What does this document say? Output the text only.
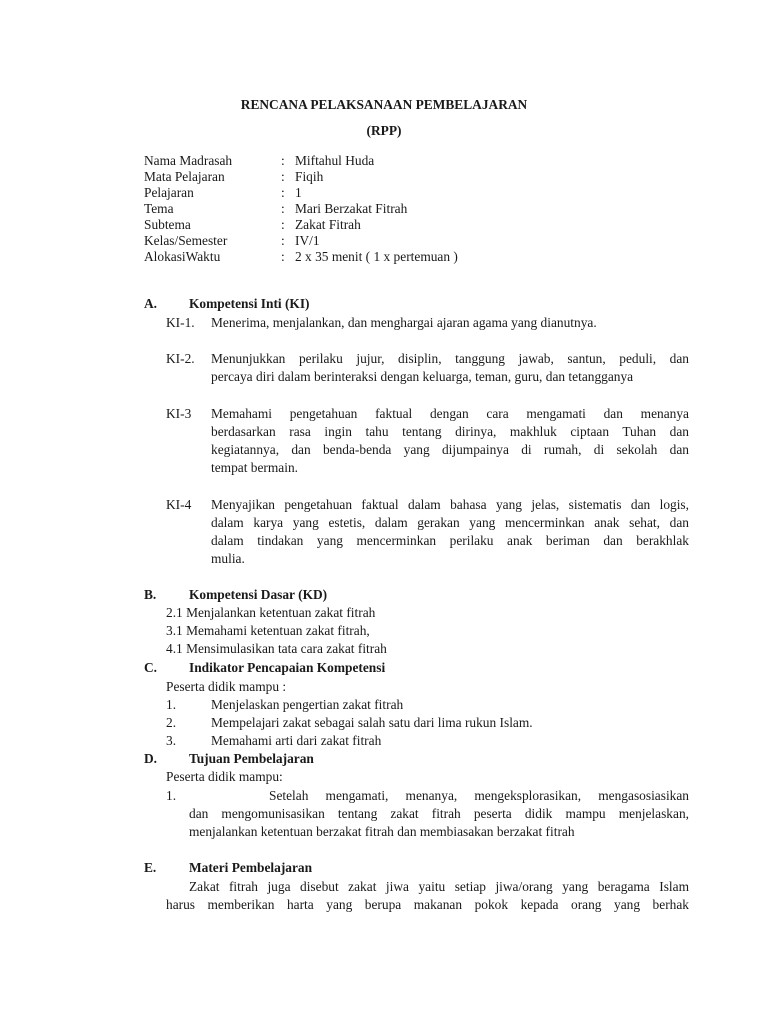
RENCANA PELAKSANAAN PEMBELAJARAN
(RPP)
Nama Madrasah	: Miftahul Huda
Mata Pelajaran	: Fiqih
Pelajaran	: 1
Tema	: Mari Berzakat Fitrah
Subtema	: Zakat Fitrah
Kelas/Semester	: IV/1
AlokasiWaktu	: 2 x 35 menit ( 1 x pertemuan )
A. Kompetensi Inti (KI)
KI-1. Menerima, menjalankan, dan menghargai ajaran agama yang dianutnya.
KI-2. Menunjukkan perilaku jujur, disiplin, tanggung jawab, santun, peduli, dan
percaya diri dalam berinteraksi dengan keluarga, teman, guru, dan tetangganya
KI-3 Memahami pengetahuan faktual dengan cara mengamati dan menanya
berdasarkan rasa ingin tahu tentang dirinya, makhluk ciptaan Tuhan dan
kegiatannya, dan benda-benda yang dijumpainya di rumah, di sekolah dan
tempat bermain.
KI-4 Menyajikan pengetahuan faktual dalam bahasa yang jelas, sistematis dan logis,
dalam karya yang estetis, dalam gerakan yang mencerminkan anak sehat, dan
dalam tindakan yang mencerminkan perilaku anak beriman dan berakhlak
mulia.
B. Kompetensi Dasar (KD)
2.1 Menjalankan ketentuan zakat fitrah
3.1 Memahami ketentuan zakat fitrah,
4.1 Mensimulasikan tata cara zakat fitrah
C. Indikator Pencapaian Kompetensi
Peserta didik mampu :
1.	Menjelaskan pengertian zakat fitrah
2.	Mempelajari zakat sebagai salah satu dari lima rukun Islam.
3.	Memahami arti dari zakat fitrah
D. Tujuan Pembelajaran
Peserta didik mampu:
1.	Setelah mengamati, menanya, mengeksplorasikan, mengasosiasikan
dan mengomunisasikan tentang zakat fitrah peserta didik mampu menjelaskan,
menjalankan ketentuan berzakat fitrah dan membiasakan berzakat fitrah
E. Materi Pembelajaran
Zakat fitrah juga disebut zakat jiwa yaitu setiap jiwa/orang yang beragama Islam
harus memberikan harta yang berupa makanan pokok kepada orang yang berhak
